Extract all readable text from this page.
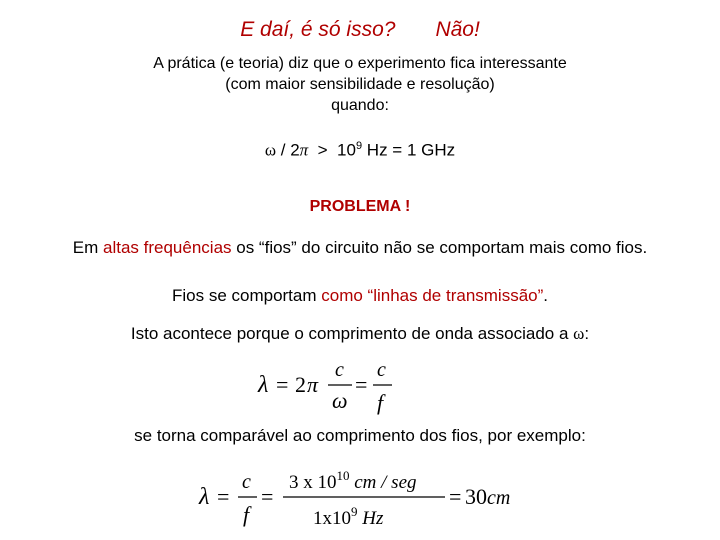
E daí, é só isso? Não!
A prática (e teoria) diz que o experimento fica interessante
(com maior sensibilidade e resolução)
quando:
$\omega / 2\pi > 10^9$ Hz = 1 GHz
PROBLEMA !
Em altas frequências os “fios” do circuito não se comportam mais como fios.
Fios se comportam como “linhas de transmissão”.
Isto acontece porque o comprimento de onda associado a ω:
λ = 2 π
c
ω
=
c
f
se torna comparável ao comprimento dos fios, por exemplo:
λ =
c
f
=
3 x $10^{10}$ cm / seg
$1x10^9$ Hz
= 30 cm
